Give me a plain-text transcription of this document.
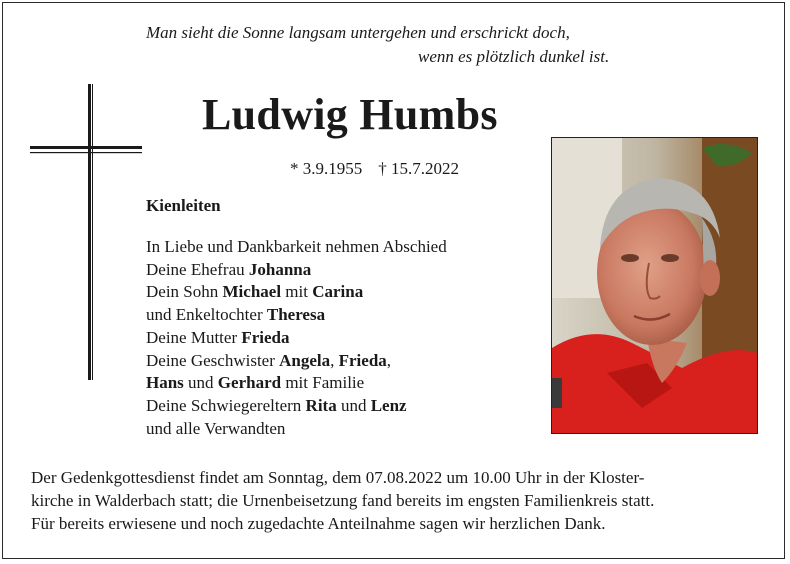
Man sieht die Sonne langsam untergehen und erschrickt doch,
wenn es plötzlich dunkel ist.
Ludwig Humbs
* 3.9.1955 † 15.7.2022
Kienleiten
In Liebe und Dankbarkeit nehmen Abschied
Deine Ehefrau Johanna
Dein Sohn Michael mit Carina
und Enkeltochter Theresa
Deine Mutter Frieda
Deine Geschwister Angela, Frieda,
Hans und Gerhard mit Familie
Deine Schwiegereltern Rita und Lenz
und alle Verwandten
Der Gedenkgottesdienst findet am Sonntag, dem 07.08.2022 um 10.00 Uhr in der Kloster-
kirche in Walderbach statt; die Urnenbeisetzung fand bereits im engsten Familienkreis statt.
Für bereits erwiesene und noch zugedachte Anteilnahme sagen wir herzlichen Dank.
